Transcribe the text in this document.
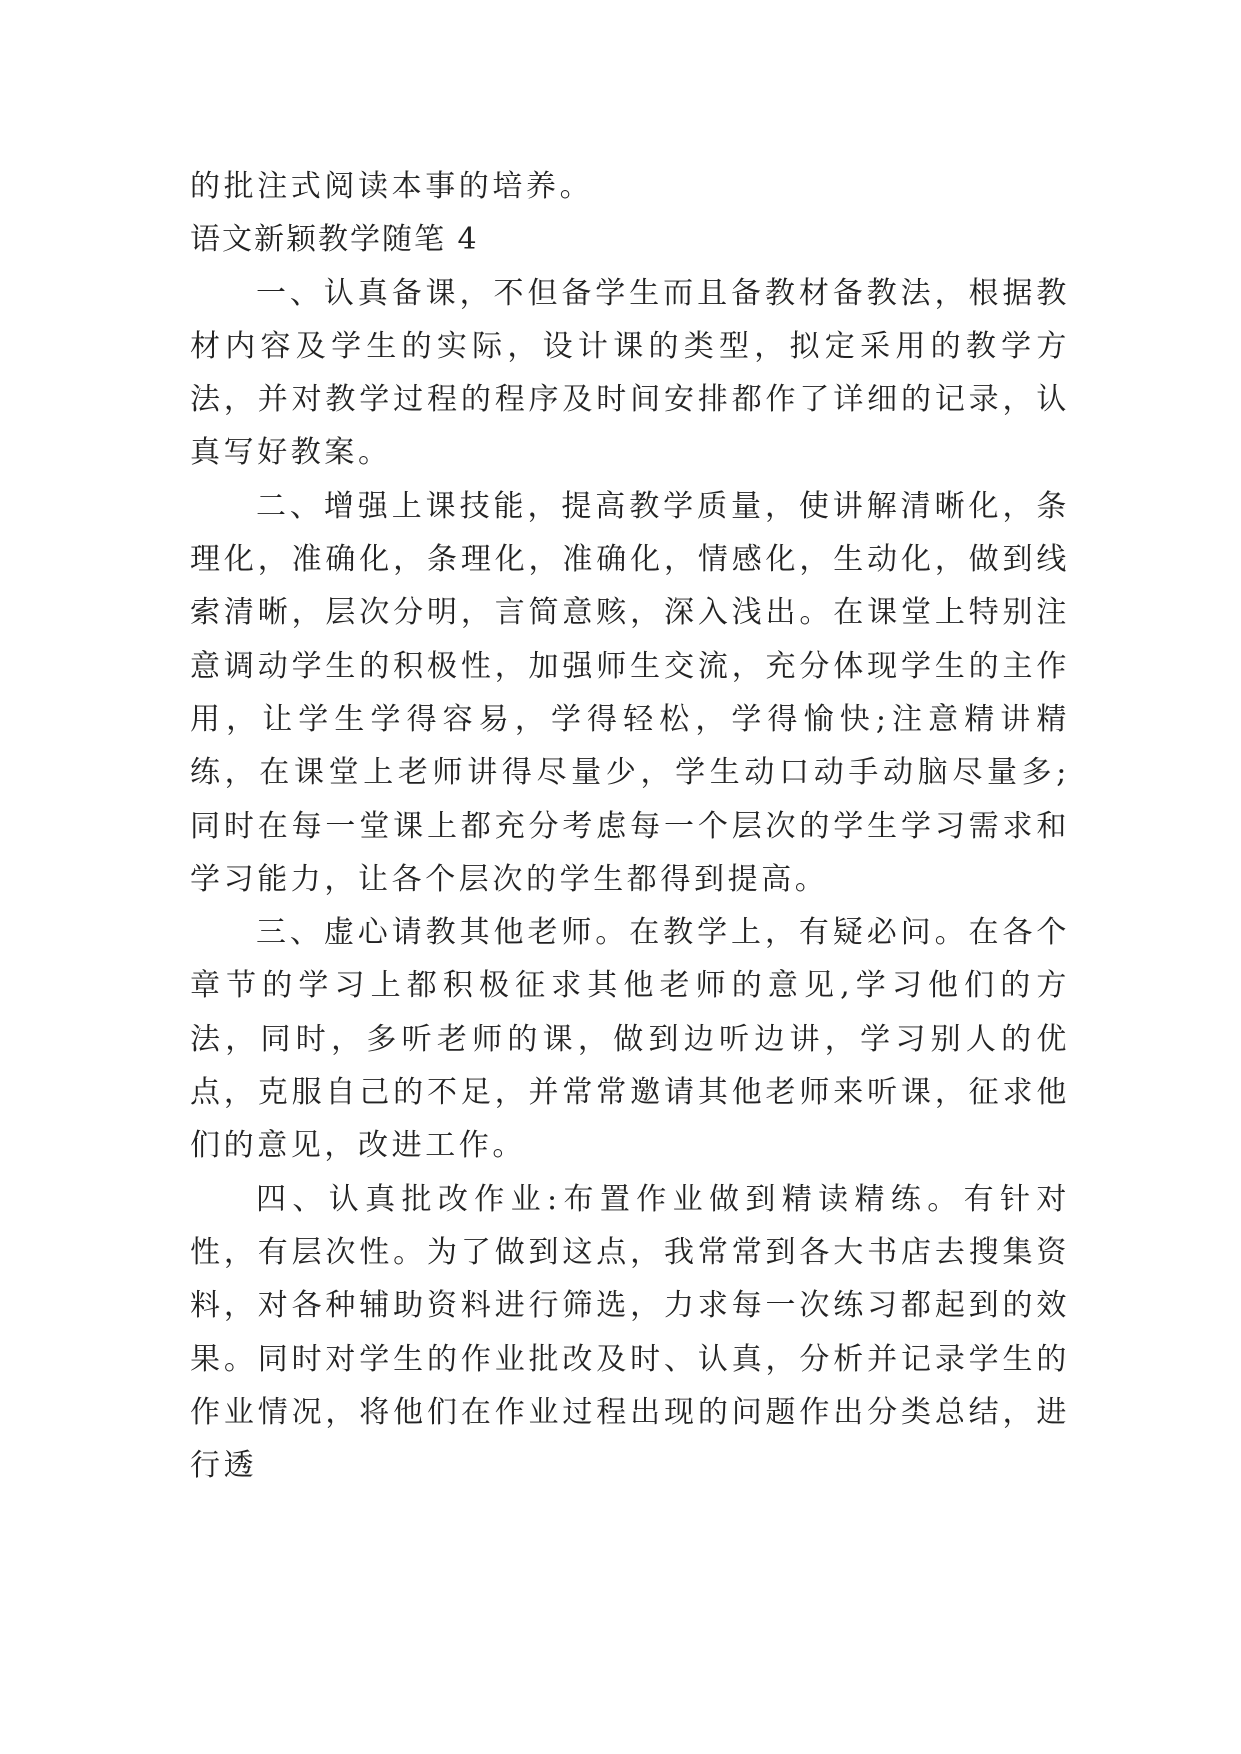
的批注式阅读本事的培养。

语文新颖教学随笔 4

一、认真备课，不但备学生而且备教材备教法，根据教材内容及学生的实际，设计课的类型，拟定采用的教学方法，并对教学过程的程序及时间安排都作了详细的记录，认真写好教案。

二、增强上课技能，提高教学质量，使讲解清晰化，条理化，准确化，条理化，准确化，情感化，生动化，做到线索清晰，层次分明，言简意赅，深入浅出。在课堂上特别注意调动学生的积极性，加强师生交流，充分体现学生的主作用，让学生学得容易，学得轻松，学得愉快;注意精讲精练，在课堂上老师讲得尽量少，学生动口动手动脑尽量多;同时在每一堂课上都充分考虑每一个层次的学生学习需求和学习能力，让各个层次的学生都得到提高。

三、虚心请教其他老师。在教学上，有疑必问。在各个章节的学习上都积极征求其他老师的意见,学习他们的方法，同时，多听老师的课，做到边听边讲，学习别人的优点，克服自己的不足，并常常邀请其他老师来听课，征求他们的意见，改进工作。

四、认真批改作业:布置作业做到精读精练。有针对性，有层次性。为了做到这点，我常常到各大书店去搜集资料，对各种辅助资料进行筛选，力求每一次练习都起到的效果。同时对学生的作业批改及时、认真，分析并记录学生的作业情况，将他们在作业过程出现的问题作出分类总结，进行透
